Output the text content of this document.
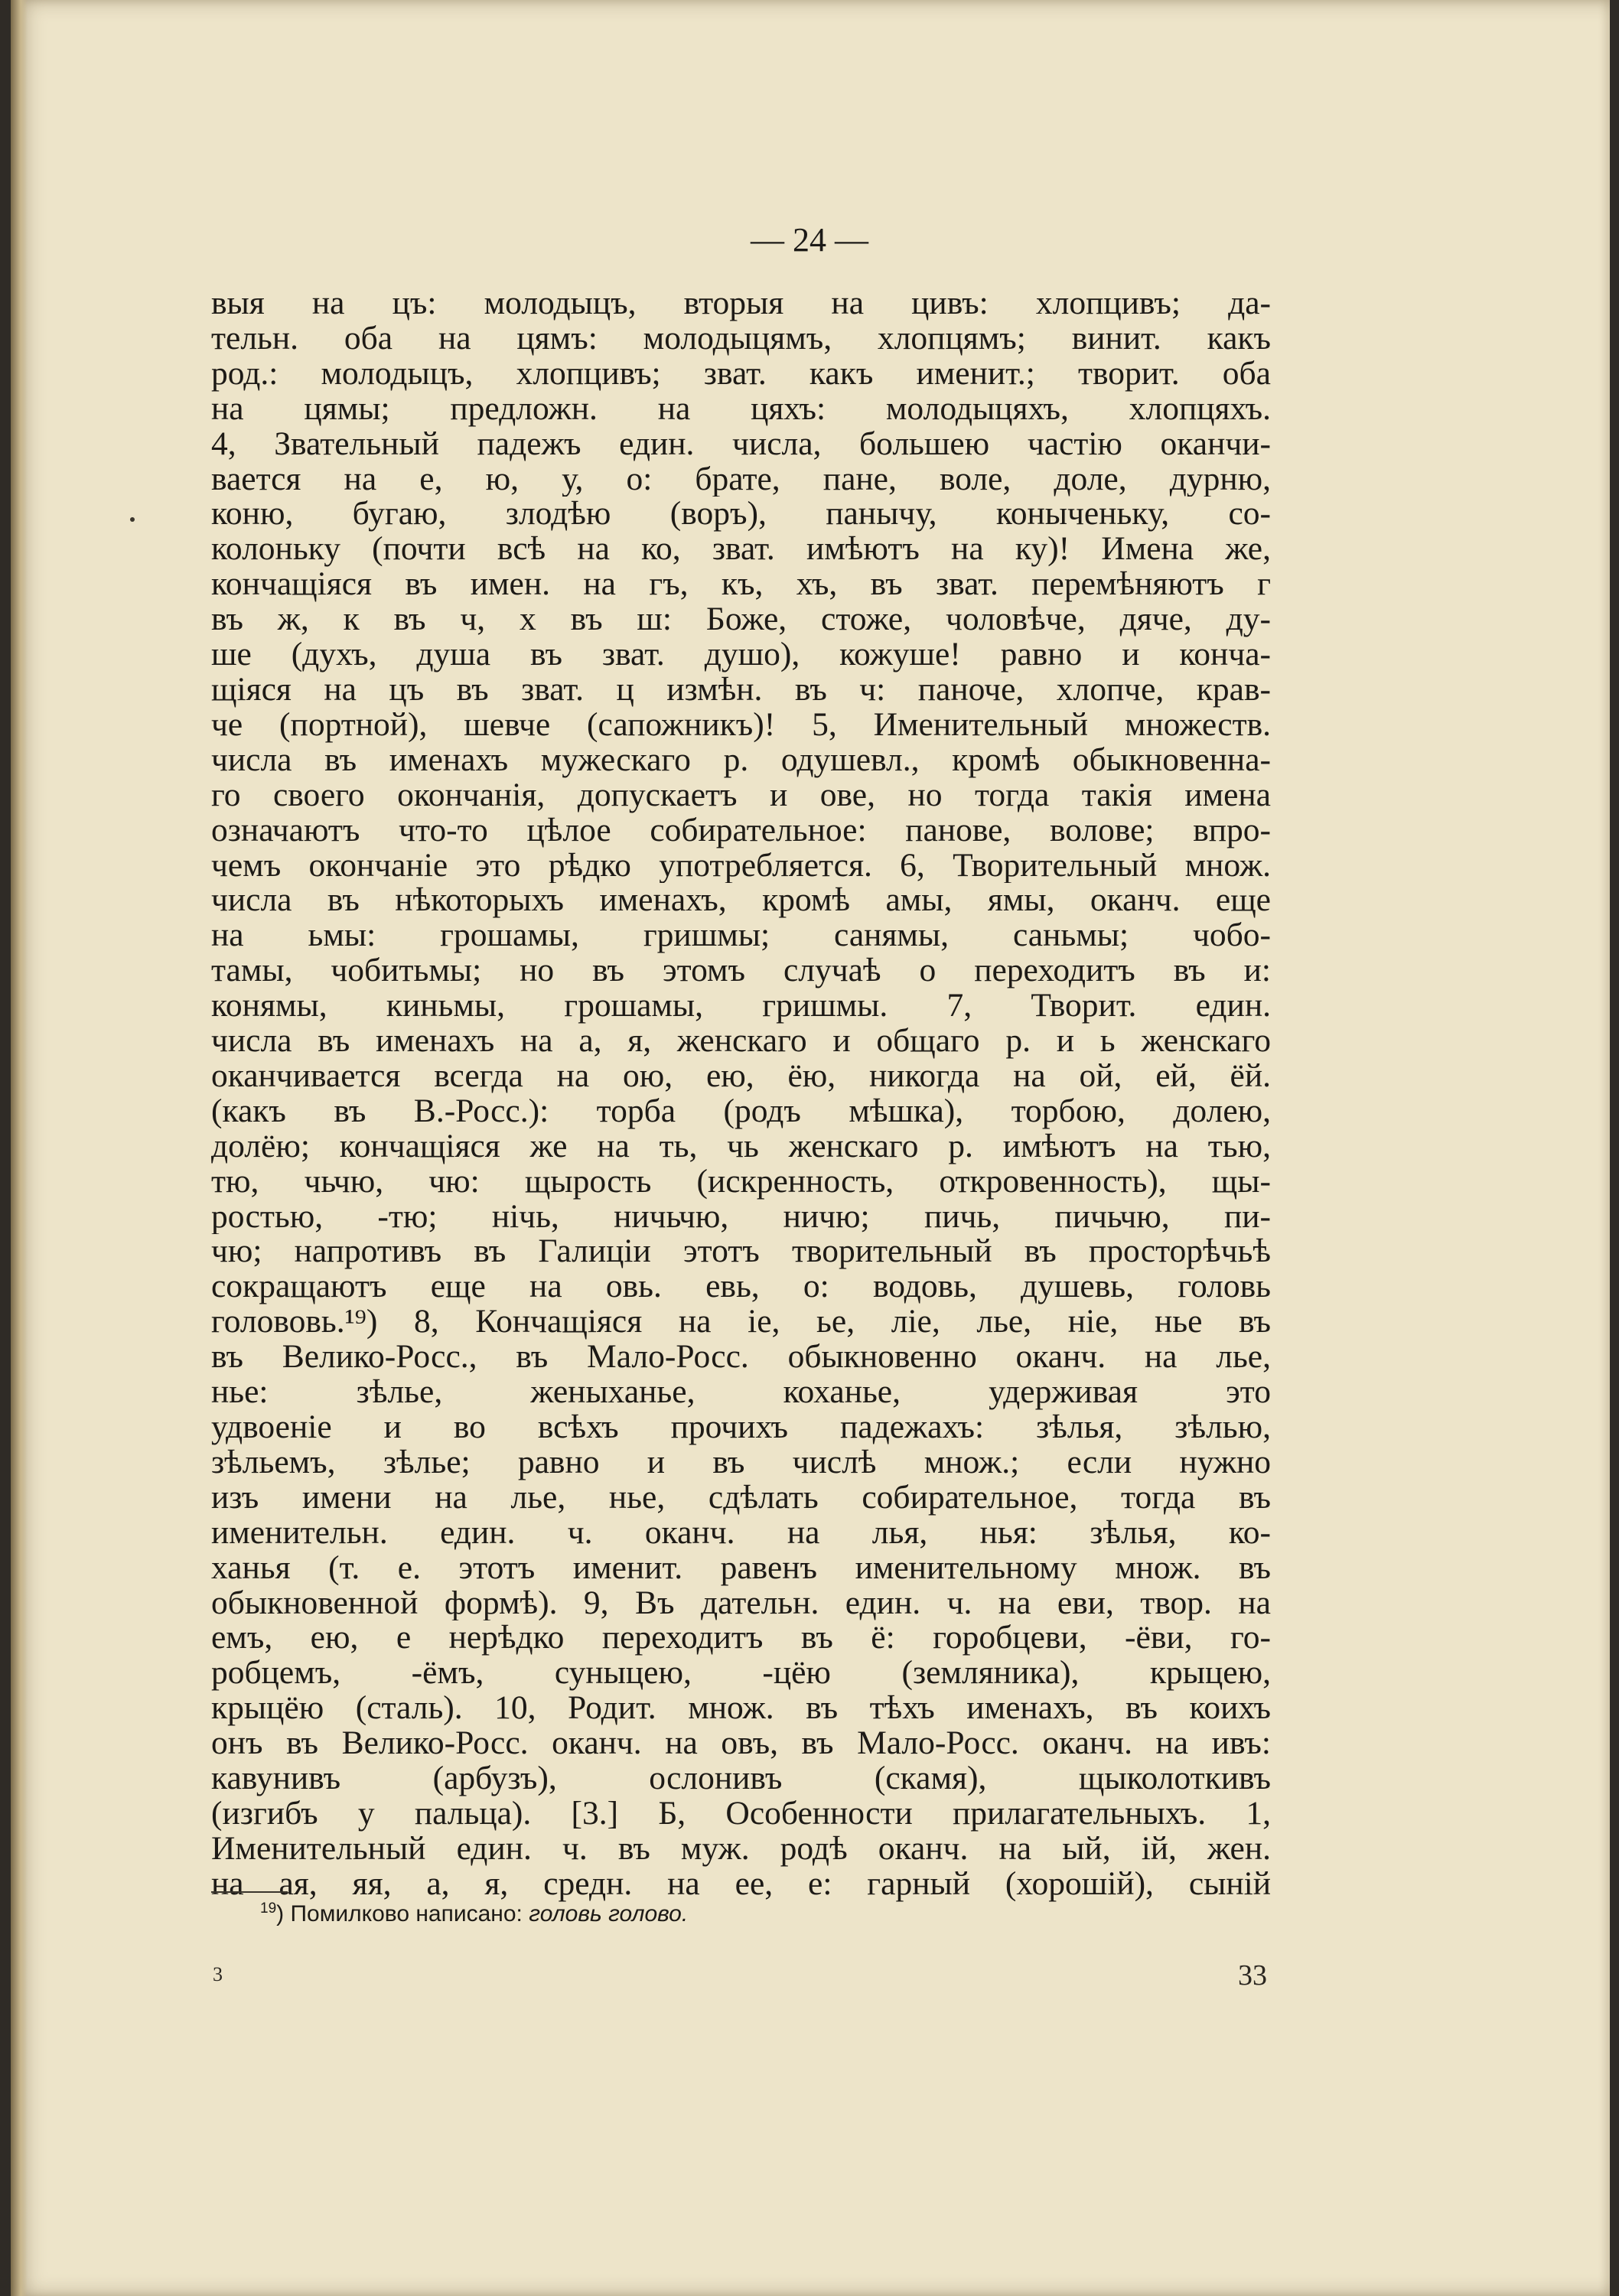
— 24 —
выя на цъ: молодыцъ, вторыя на цивъ: хлопцивъ; да-
тельн. оба на цямъ: молодыцямъ, хлопцямъ; винит. какъ
род.: молодыцъ, хлопцивъ; зват. какъ именит.; творит. оба
на цямы; предложн. на цяхъ: молодыцяхъ, хлопцяхъ.
4, Звательный падежъ един. числа, большею частію оканчи-
вается на е, ю, у, о: брате, пане, воле, доле, дурню,
коню, бугаю, злодѣю (воръ), панычу, коныченьку, со-
колоньку (почти всѣ на ко, зват. имѣютъ на ку)! Имена же,
кончащіяся въ имен. на гъ, къ, хъ, въ зват. перемѣняютъ г
въ ж, к въ ч, х въ ш: Боже, стоже, чоловѣче, дяче, ду-
ше (духъ, душа въ зват. душо), кожуше! равно и конча-
щіяся на цъ въ зват. ц измѣн. въ ч: паноче, хлопче, крав-
че (портной), шевче (сапожникъ)! 5, Именительный множеств.
числа въ именахъ мужескаго р. одушевл., кромѣ обыкновенна-
го своего окончанія, допускаетъ и ове, но тогда такія имена
означаютъ что-то цѣлое собирательное: панове, волове; впро-
чемъ окончаніе это рѣдко употребляется. 6, Творительный множ.
числа въ нѣкоторыхъ именахъ, кромѣ амы, ямы, оканч. еще
на ьмы: грошамы, гришмы; санямы, саньмы; чобо-
тамы, чобитьмы; но въ этомъ случаѣ о переходитъ въ и:
конямы, киньмы, грошамы, гришмы. 7, Творит. един.
числа въ именахъ на а, я, женскаго и общаго р. и ь женскаго
оканчивается всегда на ою, ею, ёю, никогда на ой, ей, ёй.
(какъ въ В.-Росс.): торба (родъ мѣшка), торбою, долею,
долёю; кончащіяся же на ть, чь женскаго р. имѣютъ на тью,
тю, чьчю, чю: щырость (искренность, откровенность), щы-
ростью, -тю; нічь, ничьчю, ничю; пичь, пичьчю, пи-
чю; напротивъ въ Галиціи этотъ творительный въ просторѣчьѣ
сокращаютъ еще на овь. евь, о: водовь, душевь, головь
голововь.¹⁹) 8, Кончащіяся на іе, ье, ліе, лье, ніе, нье въ
въ Велико-Росс., въ Мало-Росс. обыкновенно оканч. на лье,
нье: зѣлье, женыханье, коханье, удерживая это
удвоеніе и во всѣхъ прочихъ падежахъ: зѣлья, зѣлью,
зѣльемъ, зѣлье; равно и въ числѣ множ.; если нужно
изъ имени на лье, нье, сдѣлать собирательное, тогда въ
именительн. един. ч. оканч. на лья, нья: зѣлья, ко-
ханья (т. е. этотъ именит. равенъ именительному множ. въ
обыкновенной формѣ). 9, Въ дательн. един. ч. на еви, твор. на
емъ, ею, е нерѣдко переходитъ въ ё: горобцеви, -ёви, го-
робцемъ, -ёмъ, суныцею, -цёю (земляника), крыцею,
крыцёю (сталь). 10, Родит. множ. въ тѣхъ именахъ, въ коихъ
онъ въ Велико-Росс. оканч. на овъ, въ Мало-Росс. оканч. на ивъ:
кавунивъ (арбузъ), ослонивъ (скамя), щыколоткивъ
(изгибъ у пальца). [3.] Б, Особенности прилагательныхъ. 1,
Именительный един. ч. въ муж. родѣ оканч. на ый, ій, жен.
на ая, яя, а, я, средн. на ее, е: гарный (хорошій), сыній
$^{19}$) Помилково написано: головь голово.
3	33
